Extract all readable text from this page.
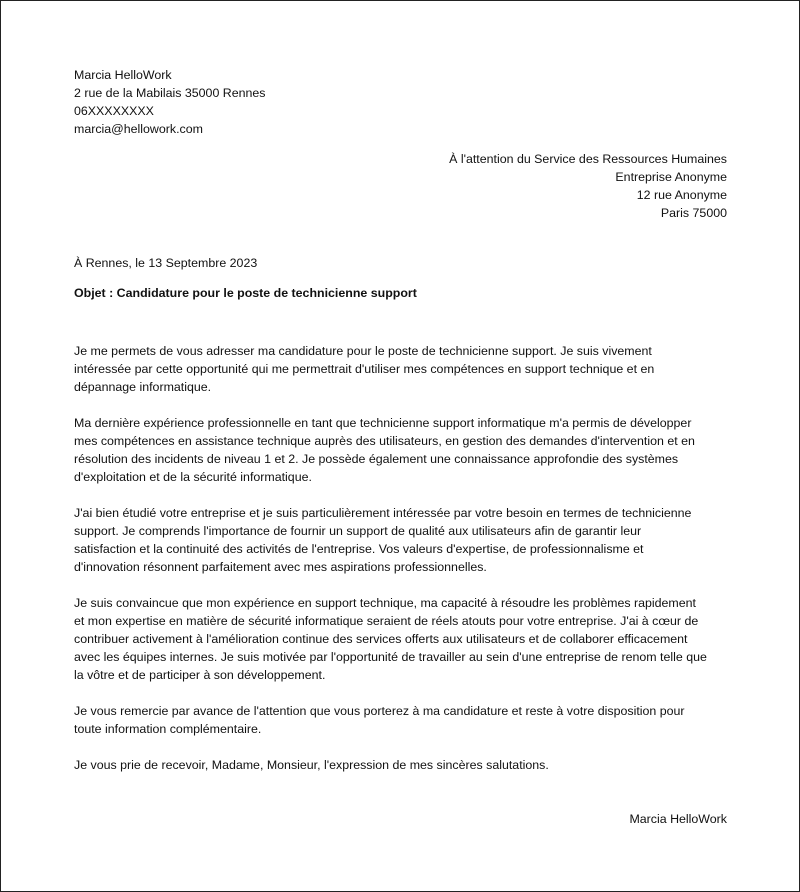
Marcia HelloWork
2 rue de la Mabilais 35000 Rennes
06XXXXXXXX
marcia@hellowork.com
À l'attention du Service des Ressources Humaines
Entreprise Anonyme
12 rue Anonyme
Paris 75000
À Rennes, le 13 Septembre 2023
Objet : Candidature pour le poste de technicienne support

Je me permets de vous adresser ma candidature pour le poste de technicienne support. Je suis vivement
intéressée par cette opportunité qui me permettrait d'utiliser mes compétences en support technique et en
dépannage informatique.

Ma dernière expérience professionnelle en tant que technicienne support informatique m'a permis de développer
mes compétences en assistance technique auprès des utilisateurs, en gestion des demandes d'intervention et en
résolution des incidents de niveau 1 et 2. Je possède également une connaissance approfondie des systèmes
d'exploitation et de la sécurité informatique.

J'ai bien étudié votre entreprise et je suis particulièrement intéressée par votre besoin en termes de technicienne
support. Je comprends l'importance de fournir un support de qualité aux utilisateurs afin de garantir leur
satisfaction et la continuité des activités de l'entreprise. Vos valeurs d'expertise, de professionnalisme et
d'innovation résonnent parfaitement avec mes aspirations professionnelles.

Je suis convaincue que mon expérience en support technique, ma capacité à résoudre les problèmes rapidement
et mon expertise en matière de sécurité informatique seraient de réels atouts pour votre entreprise. J'ai à cœur de
contribuer activement à l'amélioration continue des services offerts aux utilisateurs et de collaborer efficacement
avec les équipes internes. Je suis motivée par l'opportunité de travailler au sein d'une entreprise de renom telle que
la vôtre et de participer à son développement.

Je vous remercie par avance de l'attention que vous porterez à ma candidature et reste à votre disposition pour
toute information complémentaire.

Je vous prie de recevoir, Madame, Monsieur, l'expression de mes sincères salutations.

Marcia HelloWork
